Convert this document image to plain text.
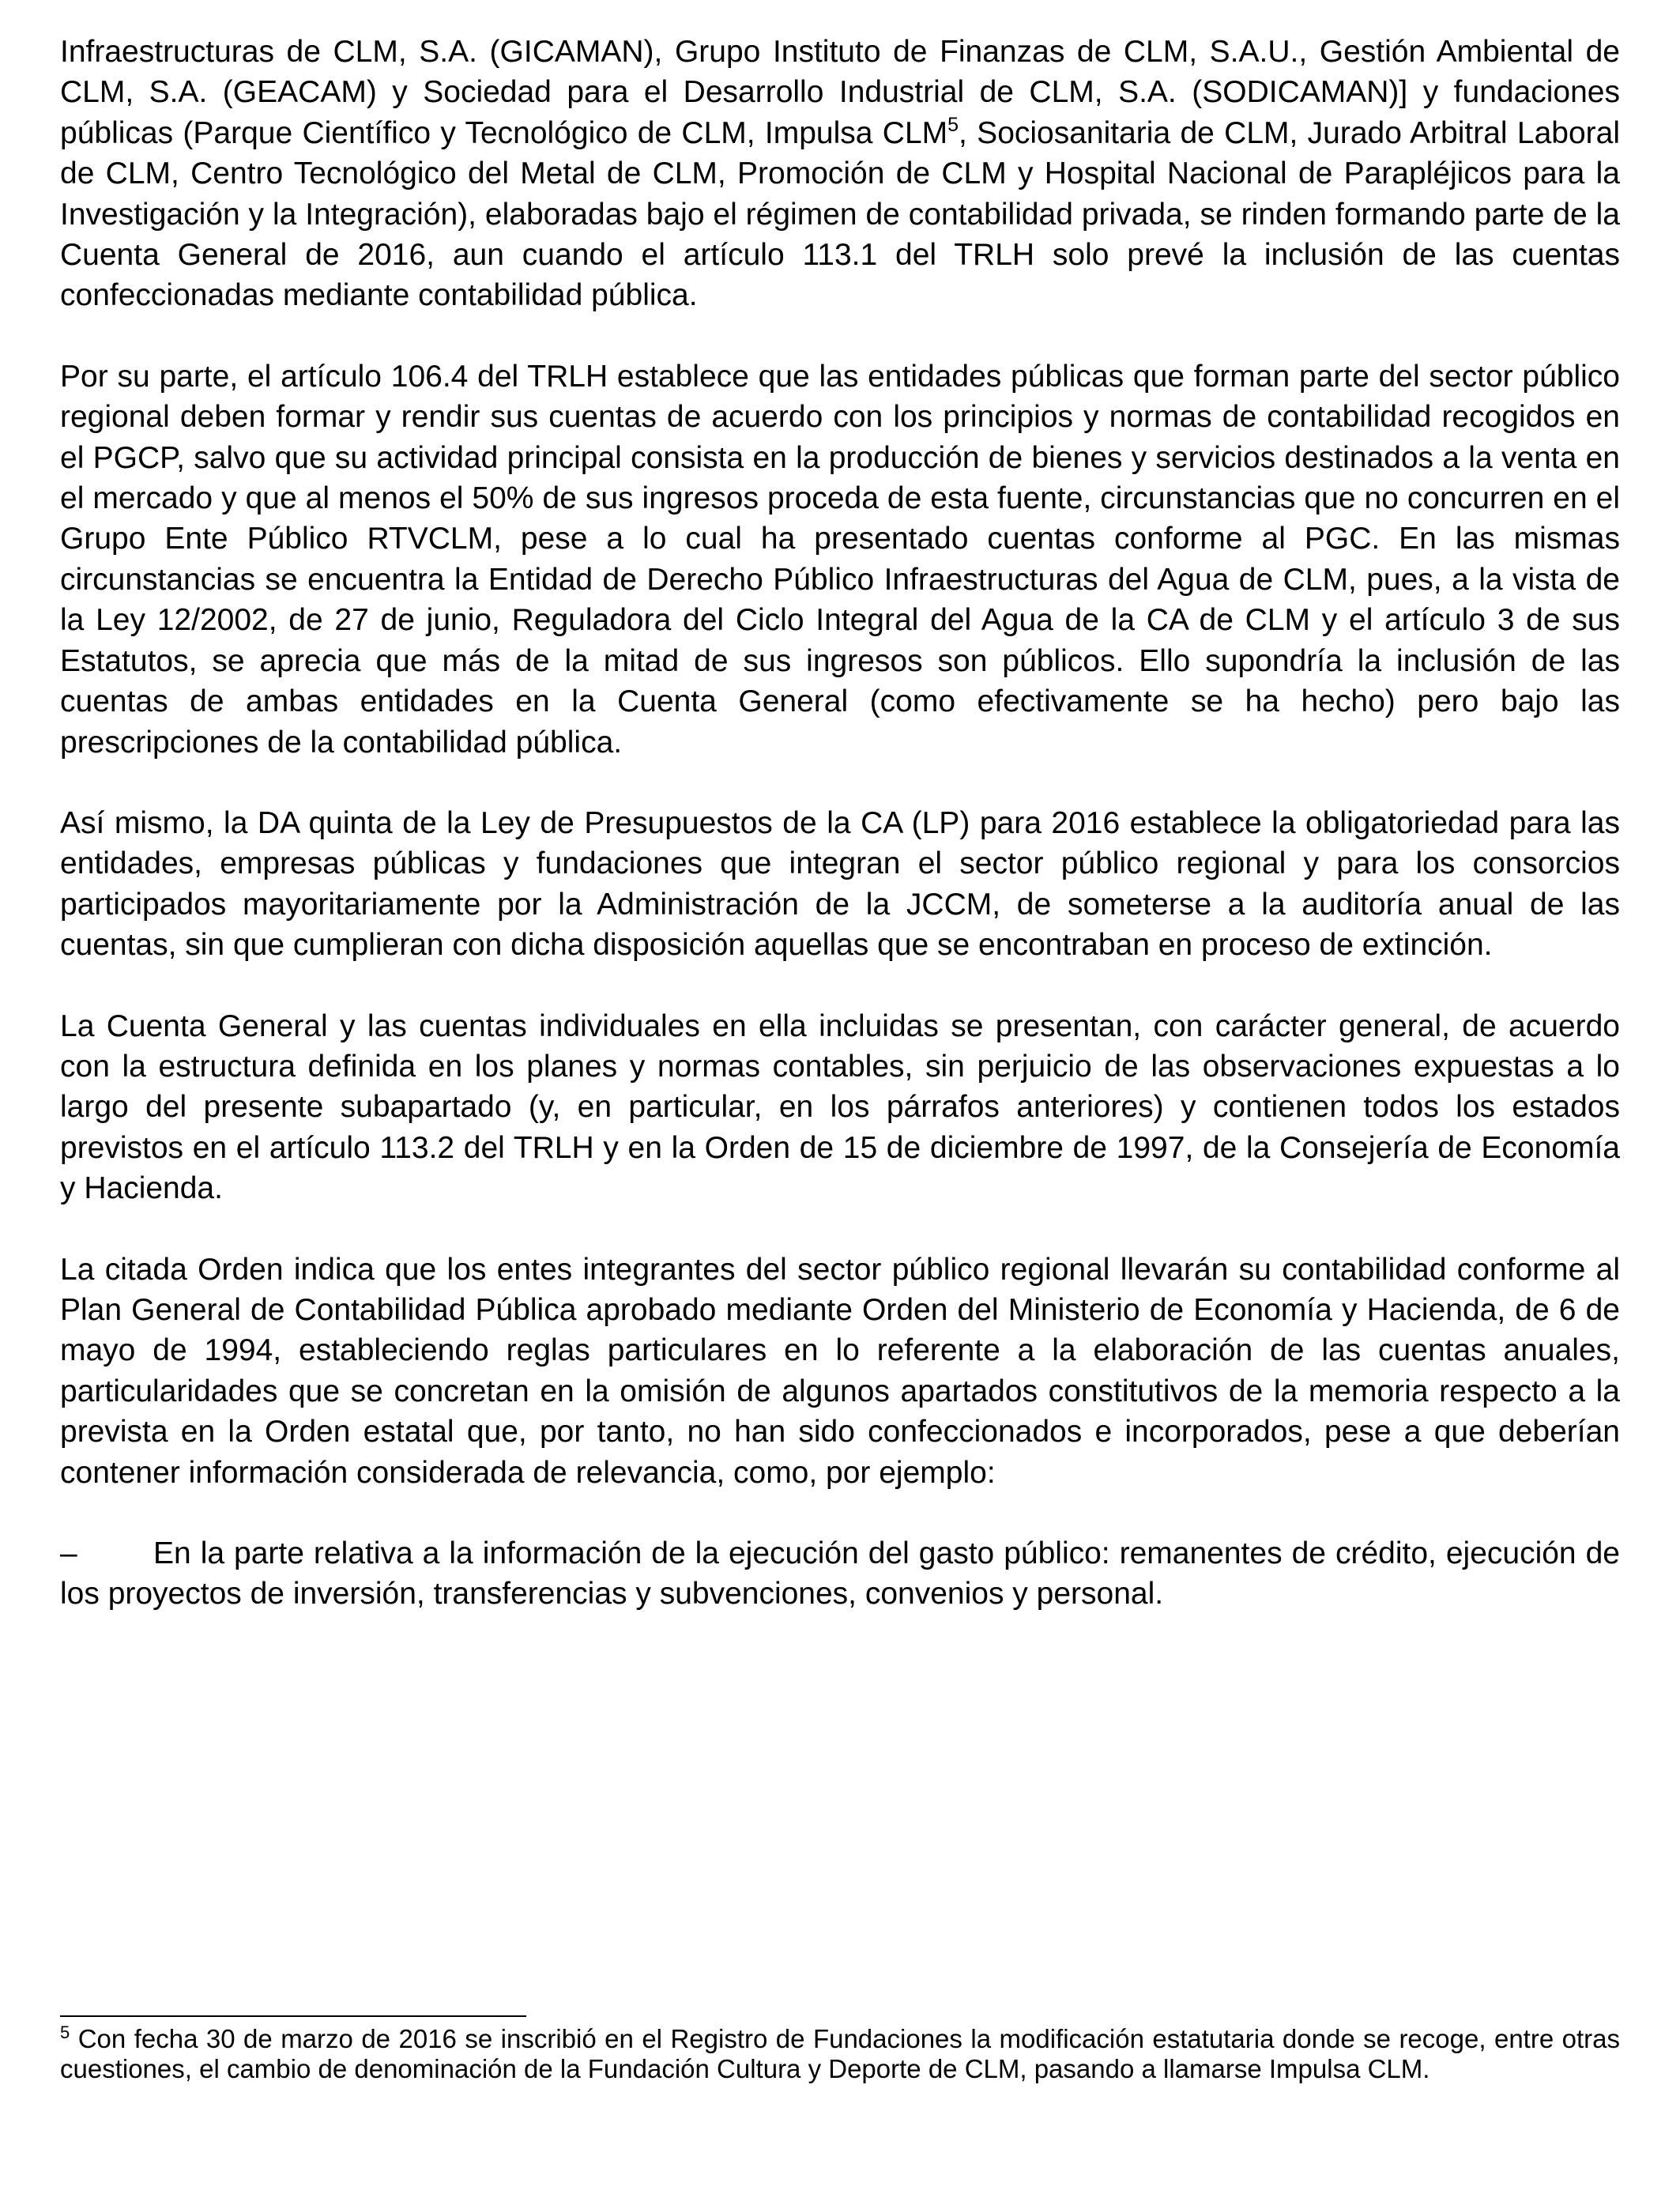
Infraestructuras de CLM, S.A. (GICAMAN), Grupo Instituto de Finanzas de CLM, S.A.U., Gestión Ambiental de CLM, S.A. (GEACAM) y Sociedad para el Desarrollo Industrial de CLM, S.A. (SODICAMAN)] y fundaciones públicas (Parque Científico y Tecnológico de CLM, Impulsa CLM$^5$, Sociosanitaria de CLM, Jurado Arbitral Laboral de CLM, Centro Tecnológico del Metal de CLM, Promoción de CLM y Hospital Nacional de Parapléjicos para la Investigación y la Integración), elaboradas bajo el régimen de contabilidad privada, se rinden formando parte de la Cuenta General de 2016, aun cuando el artículo 113.1 del TRLH solo prevé la inclusión de las cuentas confeccionadas mediante contabilidad pública.

Por su parte, el artículo 106.4 del TRLH establece que las entidades públicas que forman parte del sector público regional deben formar y rendir sus cuentas de acuerdo con los principios y normas de contabilidad recogidos en el PGCP, salvo que su actividad principal consista en la producción de bienes y servicios destinados a la venta en el mercado y que al menos el 50% de sus ingresos proceda de esta fuente, circunstancias que no concurren en el Grupo Ente Público RTVCLM, pese a lo cual ha presentado cuentas conforme al PGC. En las mismas circunstancias se encuentra la Entidad de Derecho Público Infraestructuras del Agua de CLM, pues, a la vista de la Ley 12/2002, de 27 de junio, Reguladora del Ciclo Integral del Agua de la CA de CLM y el artículo 3 de sus Estatutos, se aprecia que más de la mitad de sus ingresos son públicos. Ello supondría la inclusión de las cuentas de ambas entidades en la Cuenta General (como efectivamente se ha hecho) pero bajo las prescripciones de la contabilidad pública.

Así mismo, la DA quinta de la Ley de Presupuestos de la CA (LP) para 2016 establece la obligatoriedad para las entidades, empresas públicas y fundaciones que integran el sector público regional y para los consorcios participados mayoritariamente por la Administración de la JCCM, de someterse a la auditoría anual de las cuentas, sin que cumplieran con dicha disposición aquellas que se encontraban en proceso de extinción.

La Cuenta General y las cuentas individuales en ella incluidas se presentan, con carácter general, de acuerdo con la estructura definida en los planes y normas contables, sin perjuicio de las observaciones expuestas a lo largo del presente subapartado (y, en particular, en los párrafos anteriores) y contienen todos los estados previstos en el artículo 113.2 del TRLH y en la Orden de 15 de diciembre de 1997, de la Consejería de Economía y Hacienda.

La citada Orden indica que los entes integrantes del sector público regional llevarán su contabilidad conforme al Plan General de Contabilidad Pública aprobado mediante Orden del Ministerio de Economía y Hacienda, de 6 de mayo de 1994, estableciendo reglas particulares en lo referente a la elaboración de las cuentas anuales, particularidades que se concretan en la omisión de algunos apartados constitutivos de la memoria respecto a la prevista en la Orden estatal que, por tanto, no han sido confeccionados e incorporados, pese a que deberían contener información considerada de relevancia, como, por ejemplo:

– En la parte relativa a la información de la ejecución del gasto público: remanentes de crédito, ejecución de los proyectos de inversión, transferencias y subvenciones, convenios y personal.

$^5$ Con fecha 30 de marzo de 2016 se inscribió en el Registro de Fundaciones la modificación estatutaria donde se recoge, entre otras cuestiones, el cambio de denominación de la Fundación Cultura y Deporte de CLM, pasando a llamarse Impulsa CLM.
